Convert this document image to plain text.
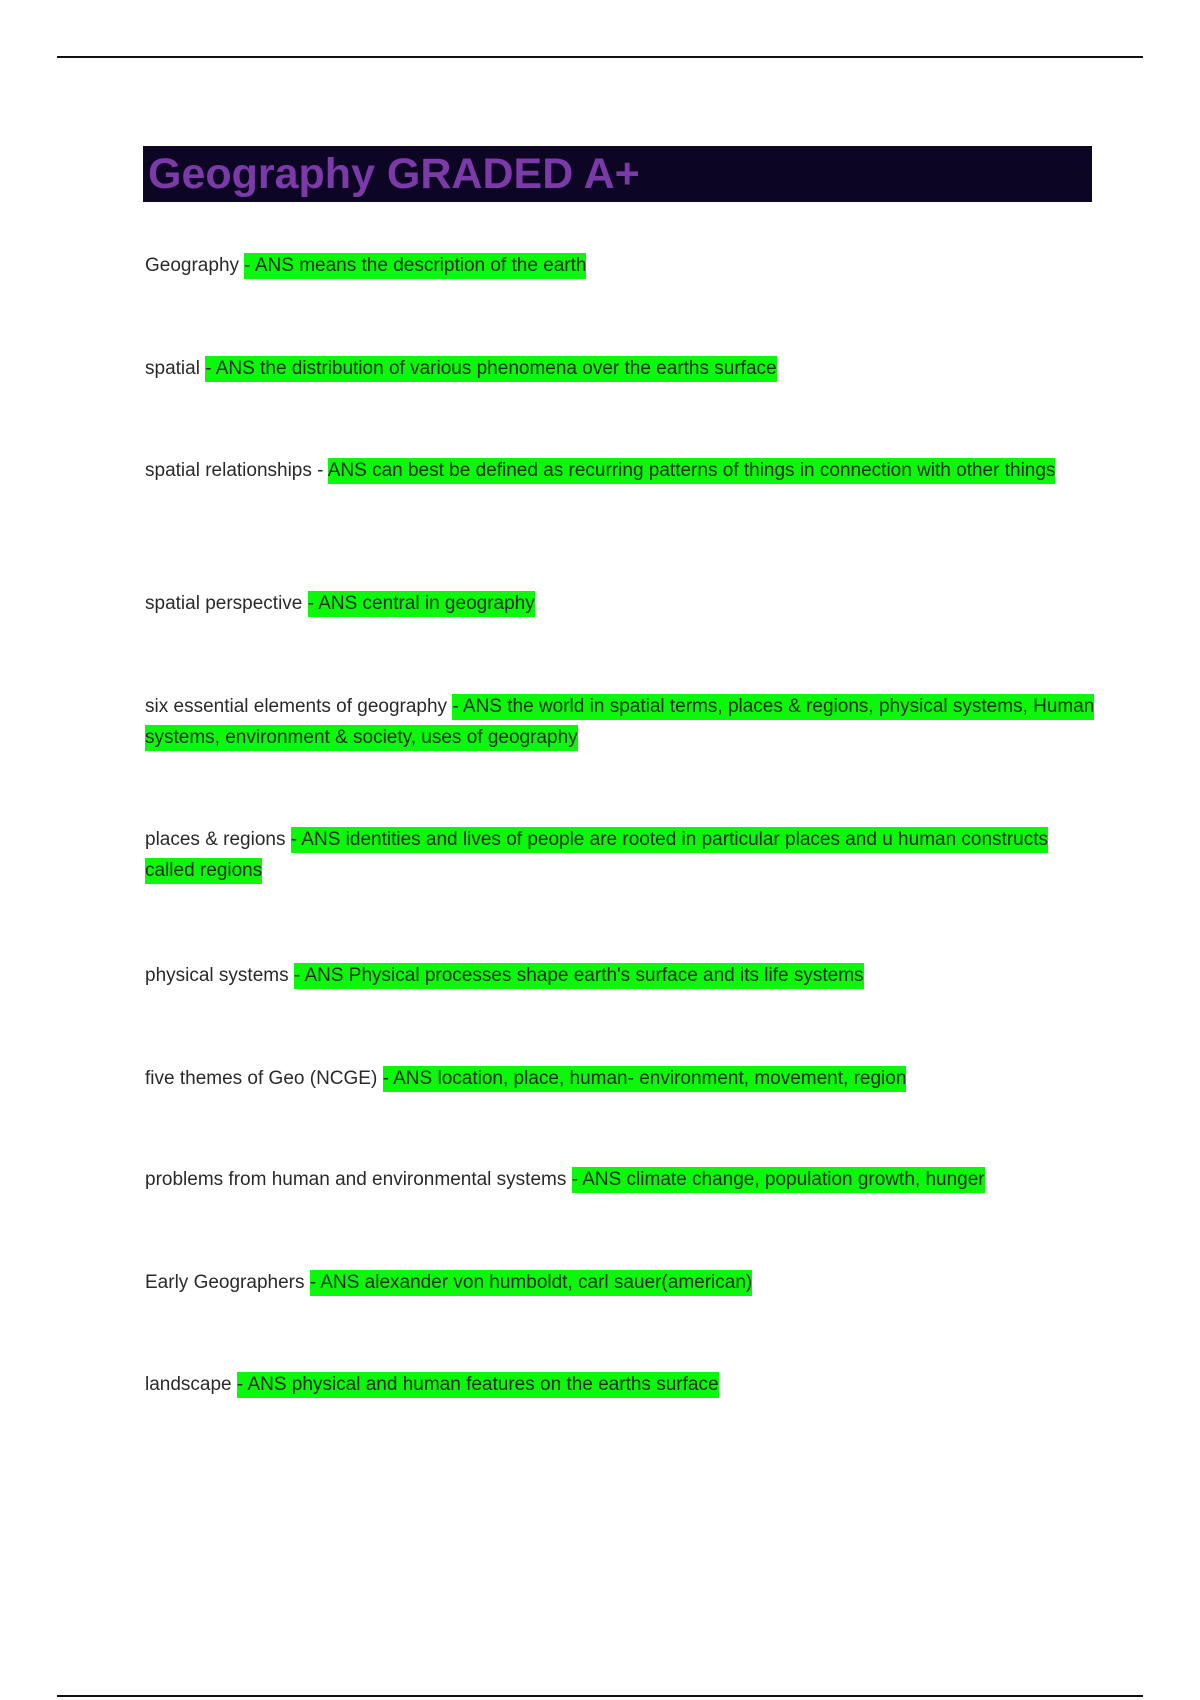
Geography GRADED A+

Geography - ANS means the description of the earth

spatial - ANS the distribution of various phenomena over the earths surface

spatial relationships - ANS can best be defined as recurring patterns of things in connection with other things

spatial perspective - ANS central in geography

six essential elements of geography - ANS the world in spatial terms, places & regions, physical systems, Human systems, environment & society, uses of geography

places & regions - ANS identities and lives of people are rooted in particular places and u human constructs called regions

physical systems - ANS Physical processes shape earth's surface and its life systems

five themes of Geo (NCGE) - ANS location, place, human- environment, movement, region

problems from human and environmental systems - ANS climate change, population growth, hunger

Early Geographers - ANS alexander von humboldt, carl sauer(american)

landscape - ANS physical and human features on the earths surface
